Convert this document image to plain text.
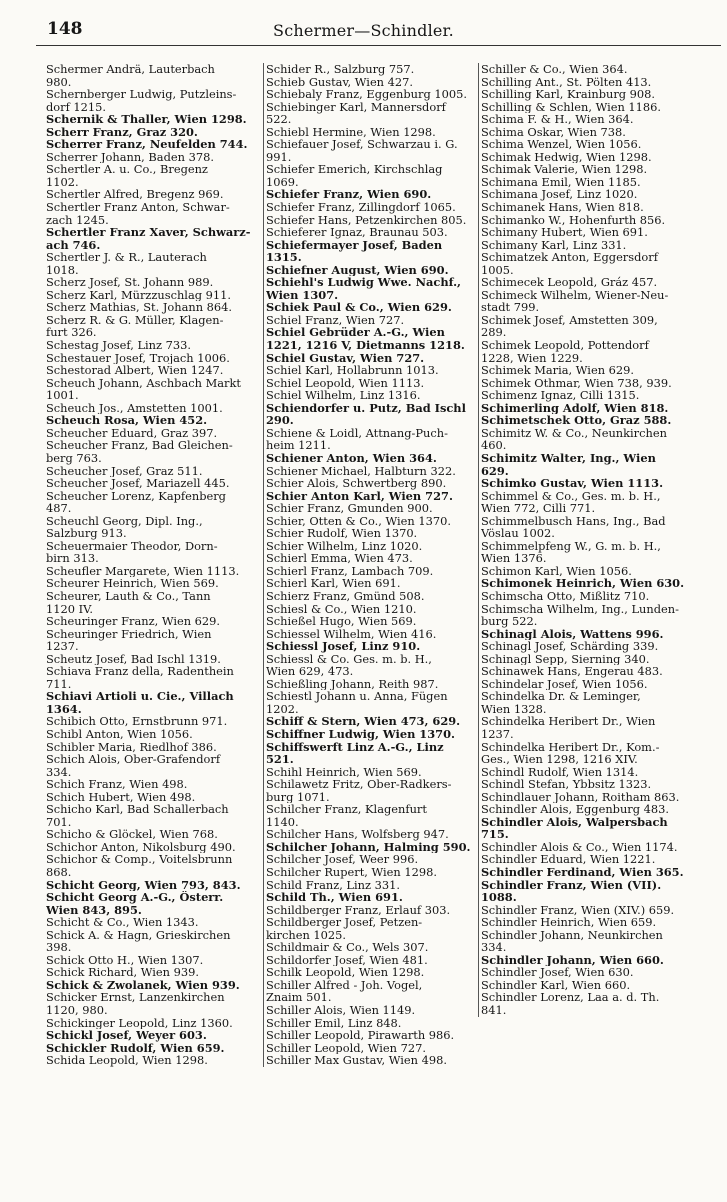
148	Schermer—Schindler.
Schermer Andrä, Lauterbach
980.
Schernberger Ludwig, Putzleins-
dorf 1215.
Schernik & Thaller, Wien 1298.
Scherr Franz, Graz 320.
Scherrer Franz, Neufelden 744.
Scherrer Johann, Baden 378.
Schertler A. u. Co., Bregenz
1102.
Schertler Alfred, Bregenz 969.
Schertler Franz Anton, Schwar-
zach 1245.
Schertler Franz Xaver, Schwarz-
ach 746.
Schertler J. & R., Lauterach
1018.
Scherz Josef, St. Johann 989.
Scherz Karl, Mürzzuschlag 911.
Scherz Mathias, St. Johann 864.
Scherz R. & G. Müller, Klagen-
furt 326.
Schestag Josef, Linz 733.
Schestauer Josef, Trojach 1006.
Schestorad Albert, Wien 1247.
Scheuch Johann, Aschbach Markt
1001.
Scheuch Jos., Amstetten 1001.
Scheuch Rosa, Wien 452.
Scheucher Eduard, Graz 397.
Scheucher Franz, Bad Gleichen-
berg 763.
Scheucher Josef, Graz 511.
Scheucher Josef, Mariazell 445.
Scheucher Lorenz, Kapfenberg
487.
Scheuchl Georg, Dipl. Ing.,
Salzburg 913.
Scheuermaier Theodor, Dorn-
birn 313.
Scheufler Margarete, Wien 1113.
Scheurer Heinrich, Wien 569.
Scheurer, Lauth & Co., Tann
1120 IV.
Scheuringer Franz, Wien 629.
Scheuringer Friedrich, Wien
1237.
Scheutz Josef, Bad Ischl 1319.
Schiava Franz della, Radenthein
711.
Schiavi Artioli u. Cie., Villach
1364.
Schibich Otto, Ernstbrunn 971.
Schibl Anton, Wien 1056.
Schibler Maria, Riedlhof 386.
Schich Alois, Ober-Grafendorf
334.
Schich Franz, Wien 498.
Schich Hubert, Wien 498.
Schicho Karl, Bad Schallerbach
701.
Schicho & Glöckel, Wien 768.
Schichor Anton, Nikolsburg 490.
Schichor & Comp., Voitelsbrunn
868.
Schicht Georg, Wien 793, 843.
Schicht Georg A.-G., Österr.
Wien 843, 895.
Schicht & Co., Wien 1343.
Schick A. & Hagn, Grieskirchen
398.
Schick Otto H., Wien 1307.
Schick Richard, Wien 939.
Schick & Zwolanek, Wien 939.
Schicker Ernst, Lanzenkirchen
1120, 980.
Schickinger Leopold, Linz 1360.
Schickl Josef, Weyer 603.
Schickler Rudolf, Wien 659.
Schida Leopold, Wien 1298.
Schider R., Salzburg 757.
Schieb Gustav, Wien 427.
Schiebaly Franz, Eggenburg 1005.
Schiebinger Karl, Mannersdorf
522.
Schiebl Hermine, Wien 1298.
Schiefauer Josef, Schwarzau i. G.
991.
Schiefer Emerich, Kirchschlag
1069.
Schiefer Franz, Wien 690.
Schiefer Franz, Zillingdorf 1065.
Schiefer Hans, Petzenkirchen 805.
Schieferer Ignaz, Braunau 503.
Schiefermayer Josef, Baden
1315.
Schiefner August, Wien 690.
Schiehl's Ludwig Wwe. Nachf.,
Wien 1307.
Schiek Paul & Co., Wien 629.
Schiel Franz, Wien 727.
Schiel Gebrüder A.-G., Wien
1221, 1216 V, Dietmanns 1218.
Schiel Gustav, Wien 727.
Schiel Karl, Hollabrunn 1013.
Schiel Leopold, Wien 1113.
Schiel Wilhelm, Linz 1316.
Schiendorfer u. Putz, Bad Ischl
290.
Schiene & Loidl, Attnang-Puch-
heim 1211.
Schiener Anton, Wien 364.
Schiener Michael, Halbturn 322.
Schier Alois, Schwertberg 890.
Schier Anton Karl, Wien 727.
Schier Franz, Gmunden 900.
Schier, Otten & Co., Wien 1370.
Schier Rudolf, Wien 1370.
Schier Wilhelm, Linz 1020.
Schierl Emma, Wien 473.
Schierl Franz, Lambach 709.
Schierl Karl, Wien 691.
Schierz Franz, Gmünd 508.
Schiesl & Co., Wien 1210.
Schießel Hugo, Wien 569.
Schiessel Wilhelm, Wien 416.
Schiessl Josef, Linz 910.
Schiessl & Co. Ges. m. b. H.,
Wien 629, 473.
Schießling Johann, Reith 987.
Schiestl Johann u. Anna, Fügen
1202.
Schiff & Stern, Wien 473, 629.
Schiffner Ludwig, Wien 1370.
Schiffswerft Linz A.-G., Linz
521.
Schihl Heinrich, Wien 569.
Schilawetz Fritz, Ober-Radkers-
burg 1071.
Schilcher Franz, Klagenfurt
1140.
Schilcher Hans, Wolfsberg 947.
Schilcher Johann, Halming 590.
Schilcher Josef, Weer 996.
Schilcher Rupert, Wien 1298.
Schild Franz, Linz 331.
Schild Th., Wien 691.
Schildberger Franz, Erlauf 303.
Schildberger Josef, Petzen-
kirchen 1025.
Schildmair & Co., Wels 307.
Schildorfer Josef, Wien 481.
Schilk Leopold, Wien 1298.
Schiller Alfred - Joh. Vogel,
Znaim 501.
Schiller Alois, Wien 1149.
Schiller Emil, Linz 848.
Schiller Leopold, Pirawarth 986.
Schiller Leopold, Wien 727.
Schiller Max Gustav, Wien 498.
Schiller & Co., Wien 364.
Schilling Ant., St. Pölten 413.
Schilling Karl, Krainburg 908.
Schilling & Schlen, Wien 1186.
Schima F. & H., Wien 364.
Schima Oskar, Wien 738.
Schima Wenzel, Wien 1056.
Schimak Hedwig, Wien 1298.
Schimak Valerie, Wien 1298.
Schimana Emil, Wien 1185.
Schimana Josef, Linz 1020.
Schimanek Hans, Wien 818.
Schimanko W., Hohenfurth 856.
Schimany Hubert, Wien 691.
Schimany Karl, Linz 331.
Schimatzek Anton, Eggersdorf
1005.
Schimecek Leopold, Gráz 457.
Schimeck Wilhelm, Wiener-Neu-
stadt 799.
Schimek Josef, Amstetten 309,
289.
Schimek Leopold, Pottendorf
1228, Wien 1229.
Schimek Maria, Wien 629.
Schimek Othmar, Wien 738, 939.
Schimenz Ignaz, Cilli 1315.
Schimerling Adolf, Wien 818.
Schimetschek Otto, Graz 588.
Schimitz W. & Co., Neunkirchen
460.
Schimitz Walter, Ing., Wien
629.
Schimko Gustav, Wien 1113.
Schimmel & Co., Ges. m. b. H.,
Wien 772, Cilli 771.
Schimmelbusch Hans, Ing., Bad
Vöslau 1002.
Schimmelpfeng W., G. m. b. H.,
Wien 1376.
Schimon Karl, Wien 1056.
Schimonek Heinrich, Wien 630.
Schimscha Otto, Mißlitz 710.
Schimscha Wilhelm, Ing., Lunden-
burg 522.
Schinagl Alois, Wattens 996.
Schinagl Josef, Schärding 339.
Schinagl Sepp, Sierning 340.
Schinawek Hans, Engerau 483.
Schindelar Josef, Wien 1056.
Schindelka Dr. & Leminger,
Wien 1328.
Schindelka Heribert Dr., Wien
1237.
Schindelka Heribert Dr., Kom.-
Ges., Wien 1298, 1216 XIV.
Schindl Rudolf, Wien 1314.
Schindl Stefan, Ybbsitz 1323.
Schindlauer Johann, Roitham 863.
Schindler Alois, Eggenburg 483.
Schindler Alois, Walpersbach
715.
Schindler Alois & Co., Wien 1174.
Schindler Eduard, Wien 1221.
Schindler Ferdinand, Wien 365.
Schindler Franz, Wien (VII).
1088.
Schindler Franz, Wien (XIV.) 659.
Schindler Heinrich, Wien 659.
Schindler Johann, Neunkirchen
334.
Schindler Johann, Wien 660.
Schindler Josef, Wien 630.
Schindler Karl, Wien 660.
Schindler Lorenz, Laa a. d. Th.
841.
